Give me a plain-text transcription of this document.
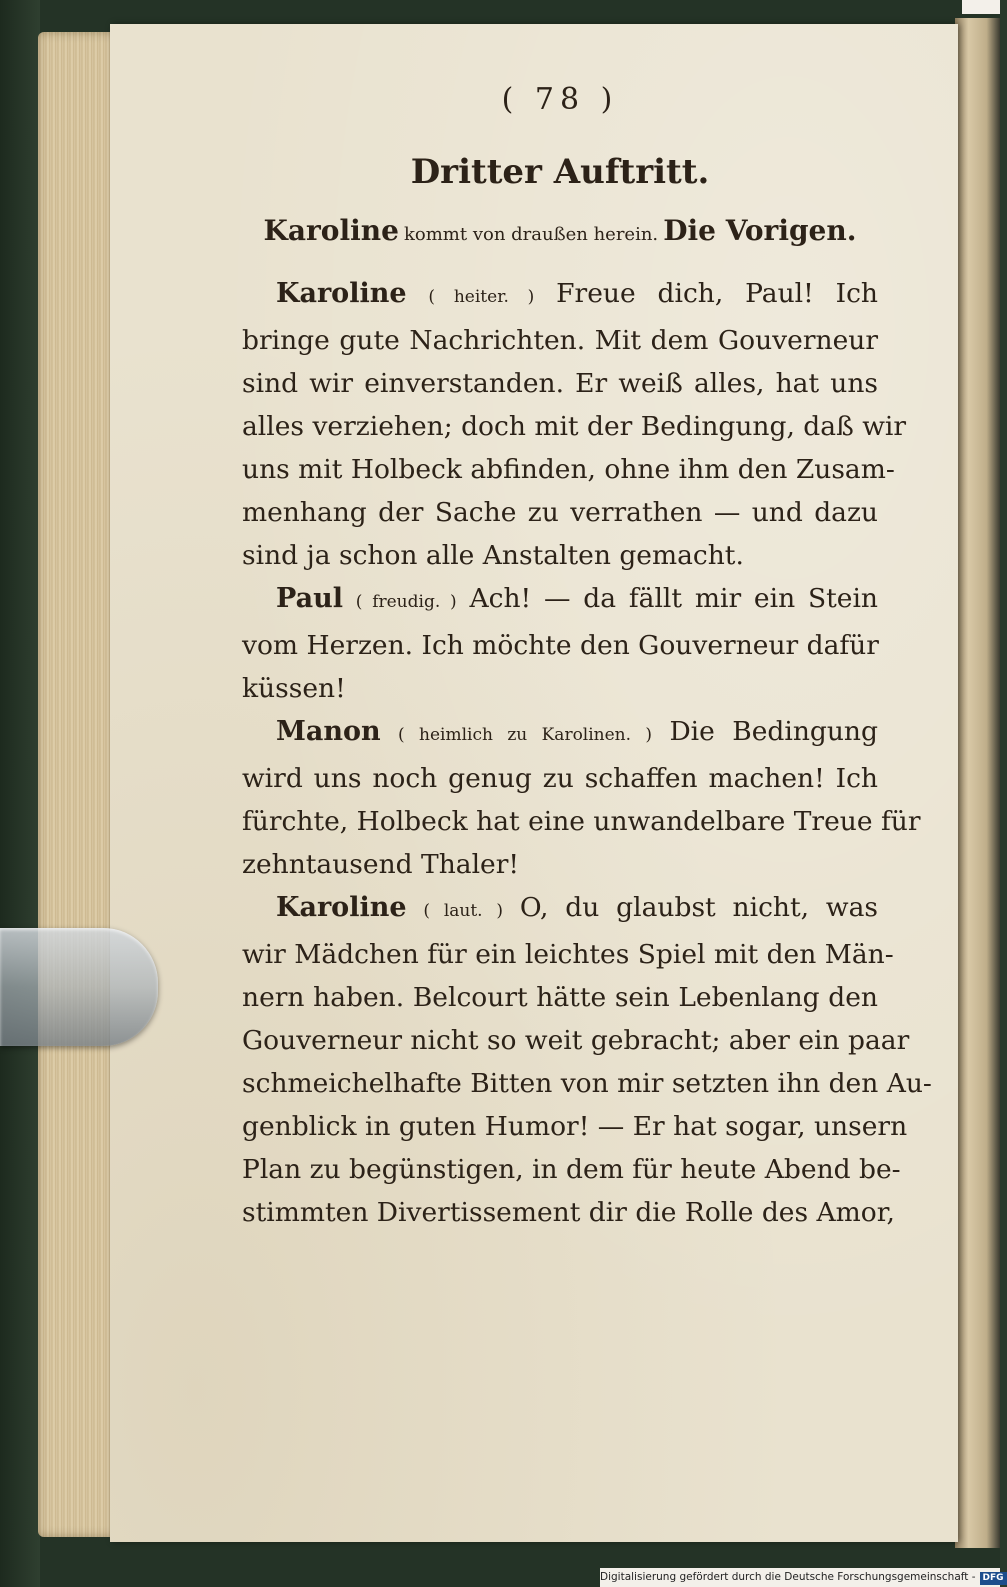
( 78 )
Dritter Auftritt.
Karoline kommt von draußen herein. Die Vorigen.
Karoline ( heiter. ) Freue dich, Paul! Ich
bringe gute Nachrichten. Mit dem Gouverneur
sind wir einverstanden. Er weiß alles, hat uns
alles verziehen; doch mit der Bedingung, daß wir
uns mit Holbeck abfinden, ohne ihm den Zusam-
menhang der Sache zu verrathen — und dazu
sind ja schon alle Anstalten gemacht.
Paul ( freudig. ) Ach! — da fällt mir ein Stein
vom Herzen. Ich möchte den Gouverneur dafür
küssen!
Manon ( heimlich zu Karolinen. ) Die Bedingung
wird uns noch genug zu schaffen machen! Ich
fürchte, Holbeck hat eine unwandelbare Treue für
zehntausend Thaler!
Karoline ( laut. ) O, du glaubst nicht, was
wir Mädchen für ein leichtes Spiel mit den Män-
nern haben. Belcourt hätte sein Lebenlang den
Gouverneur nicht so weit gebracht; aber ein paar
schmeichelhafte Bitten von mir setzten ihn den Au-
genblick in guten Humor! — Er hat sogar, unsern
Plan zu begünstigen, in dem für heute Abend be-
stimmten Divertissement dir die Rolle des Amor,
Digitalisierung gefördert durch die Deutsche Forschungsgemeinschaft - DFG
